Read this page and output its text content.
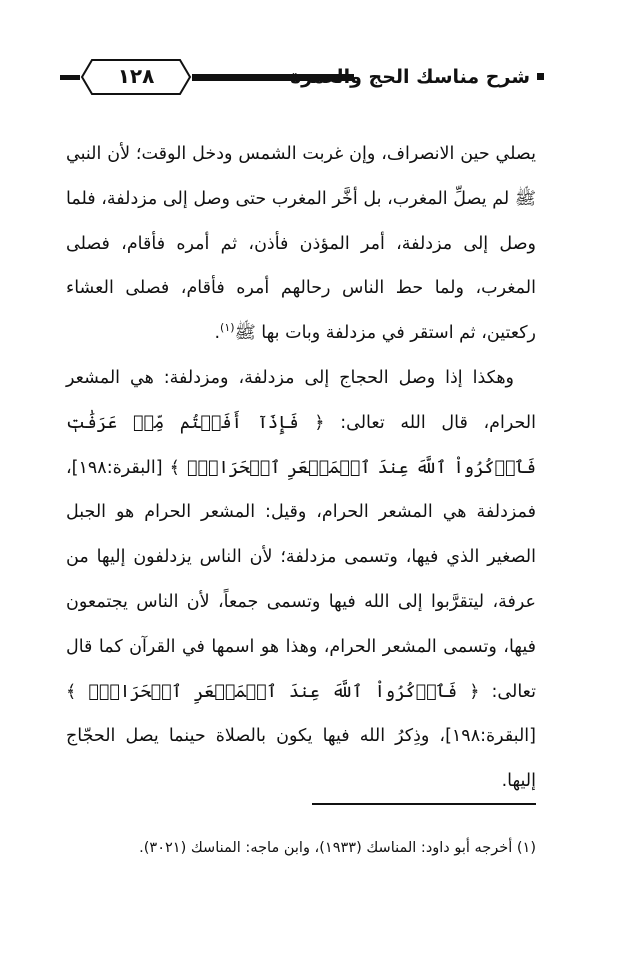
١٢٨	شرح مناسك الحج والعمرة

يصلي حين الانصراف، وإن غربت الشمس ودخل الوقت؛ لأن النبي ﷺ لم يصلِّ المغرب، بل أخَّر المغرب حتى وصل إلى مزدلفة، فلما وصل إلى مزدلفة، أمر المؤذن فأذن، ثم أمره فأقام، فصلى المغرب، ولما حط الناس رحالهم أمره فأقام، فصلى العشاء ركعتين، ثم استقر في مزدلفة وبات بها ﷺ$^{(١)}$.

وهكذا إذا وصل الحجاج إلى مزدلفة، ومزدلفة: هي المشعر الحرام، قال الله تعالى: ﴿ فَإِذَآ أَفَضۡتُم مِّنۡ عَرَفَٰتٖ فَٱذۡكُرُواْ ٱللَّهَ عِندَ ٱلۡمَشۡعَرِ ٱلۡحَرَامِۖ ﴾ [البقرة:١٩٨]، فمزدلفة هي المشعر الحرام، وقيل: المشعر الحرام هو الجبل الصغير الذي فيها، وتسمى مزدلفة؛ لأن الناس يزدلفون إليها من عرفة، ليتقرَّبوا إلى الله فيها وتسمى جمعاً، لأن الناس يجتمعون فيها، وتسمى المشعر الحرام، وهذا هو اسمها في القرآن كما قال تعالى: ﴿ فَٱذۡكُرُواْ ٱللَّهَ عِندَ ٱلۡمَشۡعَرِ ٱلۡحَرَامِۖ ﴾ [البقرة:١٩٨]، وذِكرُ الله فيها يكون بالصلاة حينما يصل الحجّاج إليها.

(١) أخرجه أبو داود: المناسك (١٩٣٣)، وابن ماجه: المناسك (٣٠٢١).
